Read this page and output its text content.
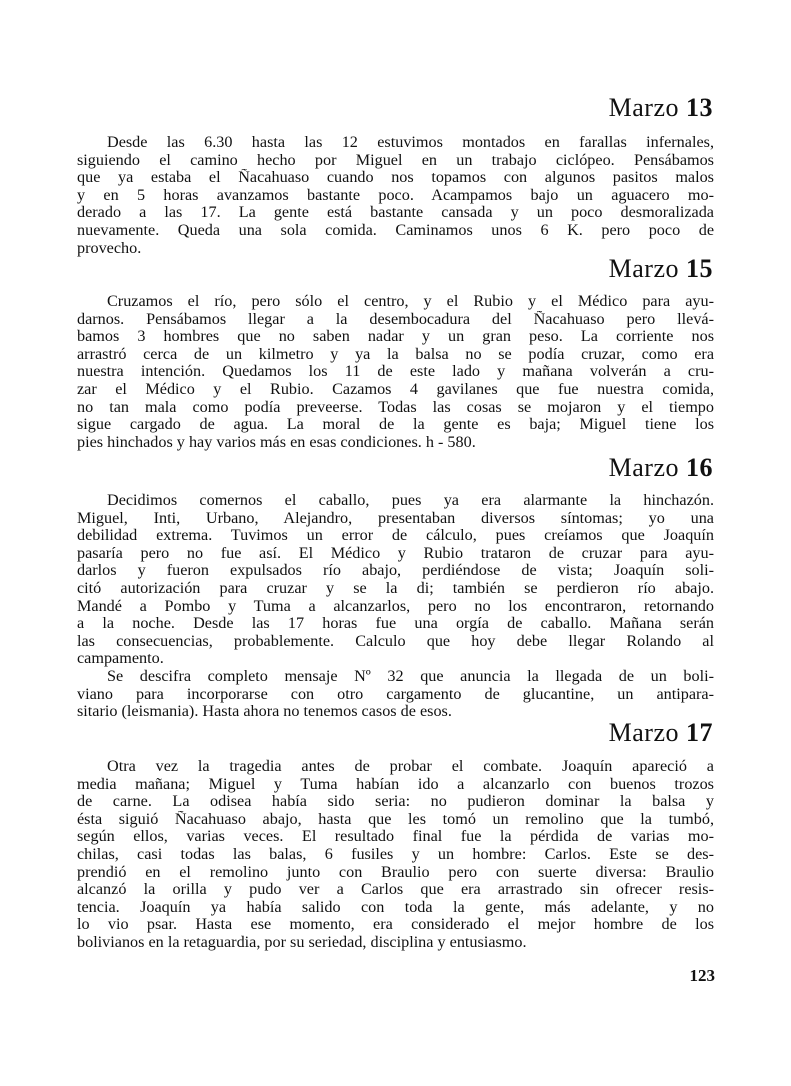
Marzo 13
Desde las 6.30 hasta las 12 estuvimos montados en farallas infernales,
siguiendo el camino hecho por Miguel en un trabajo ciclópeo. Pensábamos
que ya estaba el Ñacahuaso cuando nos topamos con algunos pasitos malos
y en 5 horas avanzamos bastante poco. Acampamos bajo un aguacero mo-
derado a las 17. La gente está bastante cansada y un poco desmoralizada
nuevamente. Queda una sola comida. Caminamos unos 6 K. pero poco de
provecho.
Marzo 15
Cruzamos el río, pero sólo el centro, y el Rubio y el Médico para ayu-
darnos. Pensábamos llegar a la desembocadura del Ñacahuaso pero llevá-
bamos 3 hombres que no saben nadar y un gran peso. La corriente nos
arrastró cerca de un kilmetro y ya la balsa no se podía cruzar, como era
nuestra intención. Quedamos los 11 de este lado y mañana volverán a cru-
zar el Médico y el Rubio. Cazamos 4 gavilanes que fue nuestra comida,
no tan mala como podía preveerse. Todas las cosas se mojaron y el tiempo
sigue cargado de agua. La moral de la gente es baja; Miguel tiene los
pies hinchados y hay varios más en esas condiciones. h - 580.
Marzo 16
Decidimos comernos el caballo, pues ya era alarmante la hinchazón.
Miguel, Inti, Urbano, Alejandro, presentaban diversos síntomas; yo una
debilidad extrema. Tuvimos un error de cálculo, pues creíamos que Joaquín
pasaría pero no fue así. El Médico y Rubio trataron de cruzar para ayu-
darlos y fueron expulsados río abajo, perdiéndose de vista; Joaquín soli-
citó autorización para cruzar y se la di; también se perdieron río abajo.
Mandé a Pombo y Tuma a alcanzarlos, pero no los encontraron, retornando
a la noche. Desde las 17 horas fue una orgía de caballo. Mañana serán
las consecuencias, probablemente. Calculo que hoy debe llegar Rolando al
campamento.
Se descifra completo mensaje Nº 32 que anuncia la llegada de un boli-
viano para incorporarse con otro cargamento de glucantine, un antipara-
sitario (leismania). Hasta ahora no tenemos casos de esos.
Marzo 17
Otra vez la tragedia antes de probar el combate. Joaquín apareció a
media mañana; Miguel y Tuma habían ido a alcanzarlo con buenos trozos
de carne. La odisea había sido seria: no pudieron dominar la balsa y
ésta siguió Ñacahuaso abajo, hasta que les tomó un remolino que la tumbó,
según ellos, varias veces. El resultado final fue la pérdida de varias mo-
chilas, casi todas las balas, 6 fusiles y un hombre: Carlos. Este se des-
prendió en el remolino junto con Braulio pero con suerte diversa: Braulio
alcanzó la orilla y pudo ver a Carlos que era arrastrado sin ofrecer resis-
tencia. Joaquín ya había salido con toda la gente, más adelante, y no
lo vio psar. Hasta ese momento, era considerado el mejor hombre de los
bolivianos en la retaguardia, por su seriedad, disciplina y entusiasmo.
123
